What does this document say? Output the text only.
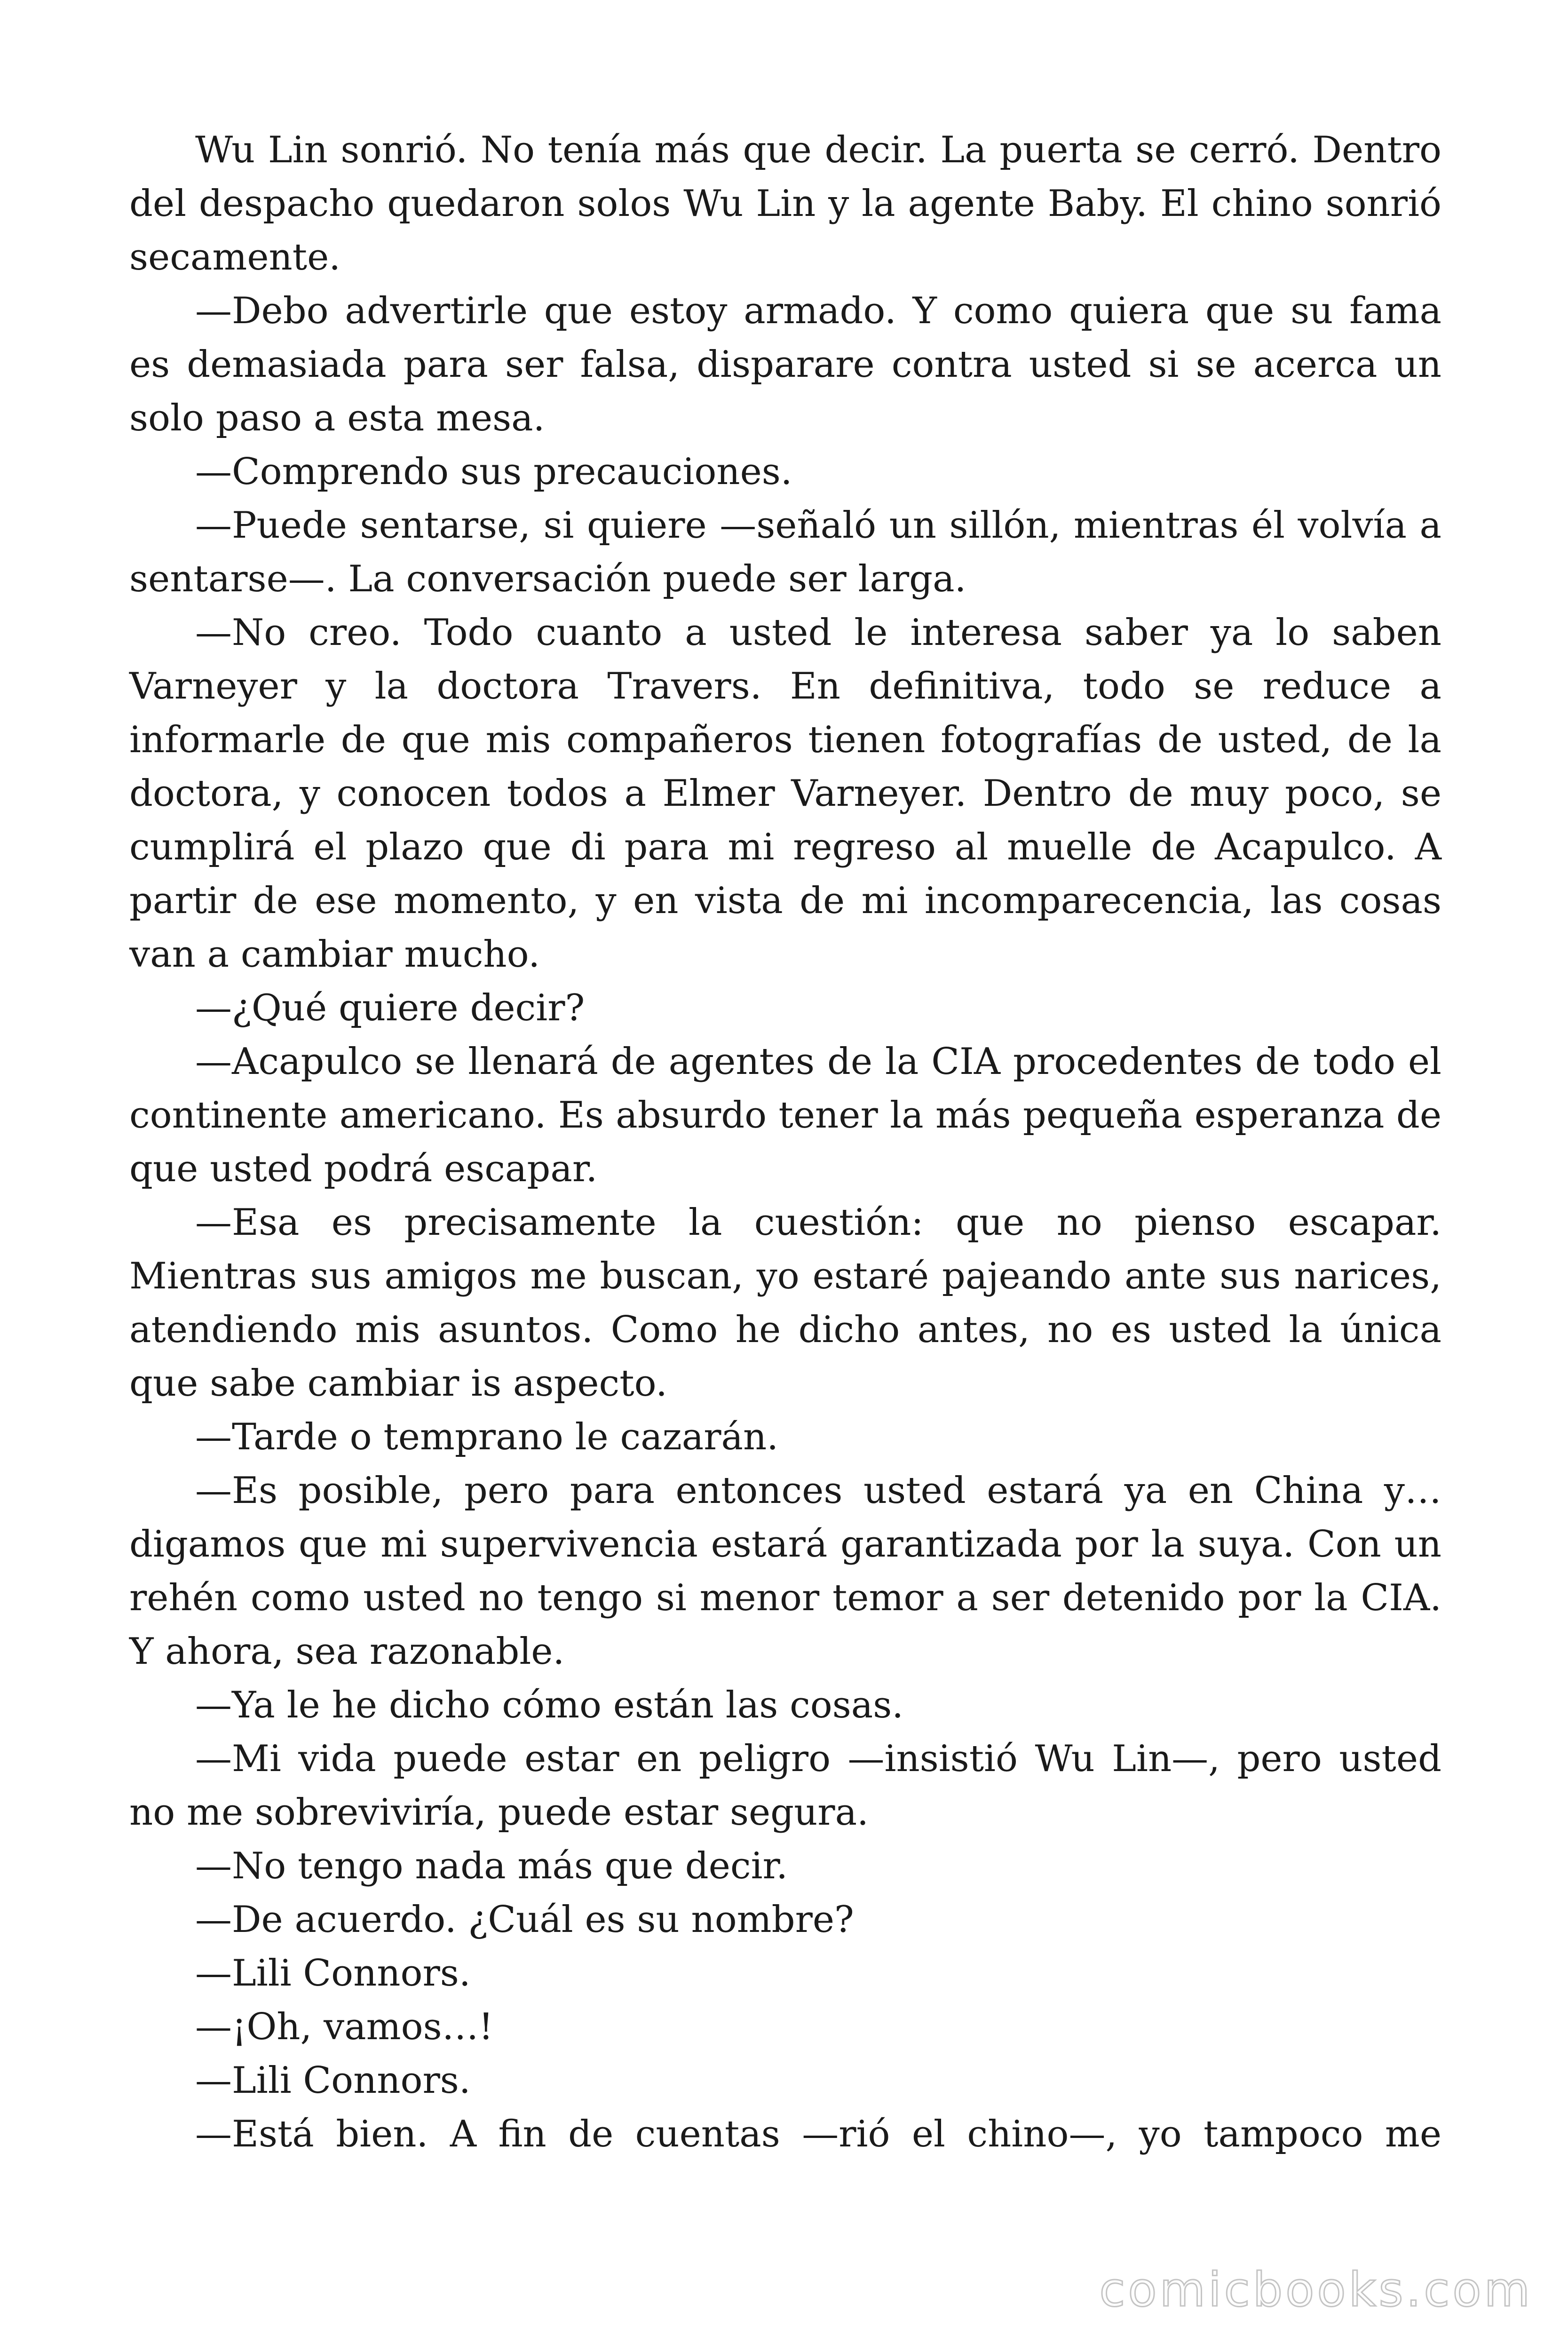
Wu Lin sonrió. No tenía más que decir. La puerta se cerró. Dentro del despacho quedaron solos Wu Lin y la agente Baby. El chino sonrió secamente.

—Debo advertirle que estoy armado. Y como quiera que su fama es demasiada para ser falsa, disparare contra usted si se acerca un solo paso a esta mesa.

—Comprendo sus precauciones.

—Puede sentarse, si quiere —señaló un sillón, mientras él volvía a sentarse—. La conversación puede ser larga.

—No creo. Todo cuanto a usted le interesa saber ya lo saben Varneyer y la doctora Travers. En definitiva, todo se reduce a informarle de que mis compañeros tienen fotografías de usted, de la doctora, y conocen todos a Elmer Varneyer. Dentro de muy poco, se cumplirá el plazo que di para mi regreso al muelle de Acapulco. A partir de ese momento, y en vista de mi incomparecencia, las cosas van a cambiar mucho.

—¿Qué quiere decir?

—Acapulco se llenará de agentes de la CIA procedentes de todo el continente americano. Es absurdo tener la más pequeña esperanza de que usted podrá escapar.

—Esa es precisamente la cuestión: que no pienso escapar. Mientras sus amigos me buscan, yo estaré pajeando ante sus narices, atendiendo mis asuntos. Como he dicho antes, no es usted la única que sabe cambiar is aspecto.

—Tarde o temprano le cazarán.

—Es posible, pero para entonces usted estará ya en China y… digamos que mi supervivencia estará garantizada por la suya. Con un rehén como usted no tengo si menor temor a ser detenido por la CIA. Y ahora, sea razonable.

—Ya le he dicho cómo están las cosas.

—Mi vida puede estar en peligro —insistió Wu Lin—, pero usted no me sobreviviría, puede estar segura.

—No tengo nada más que decir.

—De acuerdo. ¿Cuál es su nombre?

—Lili Connors.

—¡Oh, vamos…!

—Lili Connors.

—Está bien. A fin de cuentas —rió el chino—, yo tampoco me

comicbooks.com
